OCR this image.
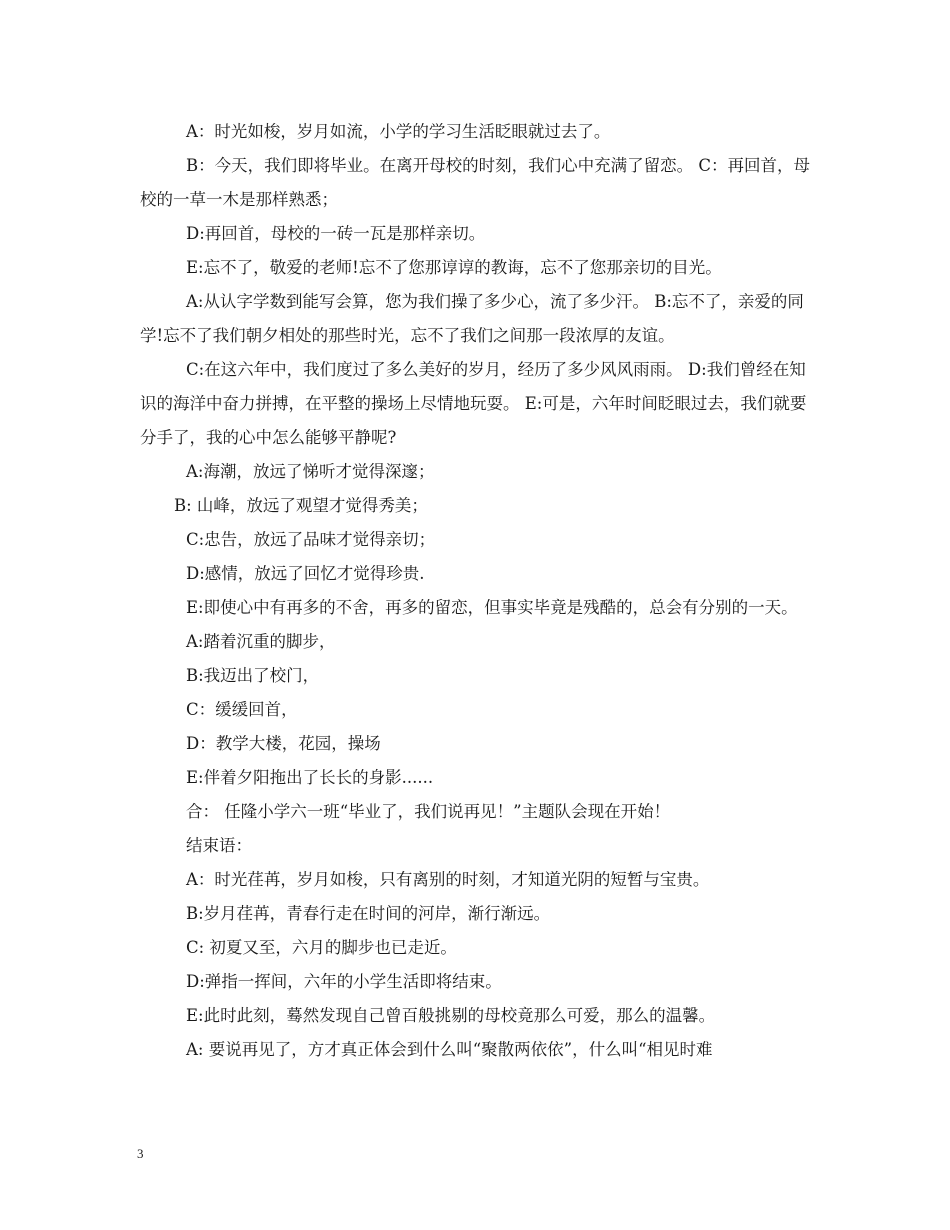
A：时光如梭，岁月如流，小学的学习生活眨眼就过去了。

B：今天，我们即将毕业。在离开母校的时刻，我们心中充满了留恋。 C：再回首，母校的一草一木是那样熟悉；

D:再回首，母校的一砖一瓦是那样亲切。

E:忘不了，敬爱的老师!忘不了您那谆谆的教诲，忘不了您那亲切的目光。

A:从认字学数到能写会算，您为我们操了多少心，流了多少汗。 B:忘不了，亲爱的同学!忘不了我们朝夕相处的那些时光，忘不了我们之间那一段浓厚的友谊。

C:在这六年中，我们度过了多么美好的岁月，经历了多少风风雨雨。 D:我们曾经在知识的海洋中奋力拼搏，在平整的操场上尽情地玩耍。 E:可是，六年时间眨眼过去，我们就要分手了，我的心中怎么能够平静呢?

A:海潮，放远了悌听才觉得深邃；

B: 山峰，放远了观望才觉得秀美；

C:忠告，放远了品味才觉得亲切；

D:感情，放远了回忆才觉得珍贵.

E:即使心中有再多的不舍，再多的留恋，但事实毕竟是残酷的，总会有分别的一天。

A:踏着沉重的脚步，

B:我迈出了校门，

C：缓缓回首，

D：教学大楼，花园，操场

E:伴着夕阳拖出了长长的身影......

合： 任隆小学六一班“毕业了，我们说再见！”主题队会现在开始！

结束语：

A：时光荏苒，岁月如梭，只有离别的时刻，才知道光阴的短暂与宝贵。

B:岁月荏苒，青春行走在时间的河岸，渐行渐远。

C: 初夏又至，六月的脚步也已走近。

D:弹指一挥间，六年的小学生活即将结束。

E:此时此刻，蓦然发现自己曾百般挑剔的母校竟那么可爱，那么的温馨。

A: 要说再见了，方才真正体会到什么叫“聚散两依依”，什么叫“相见时难

3
